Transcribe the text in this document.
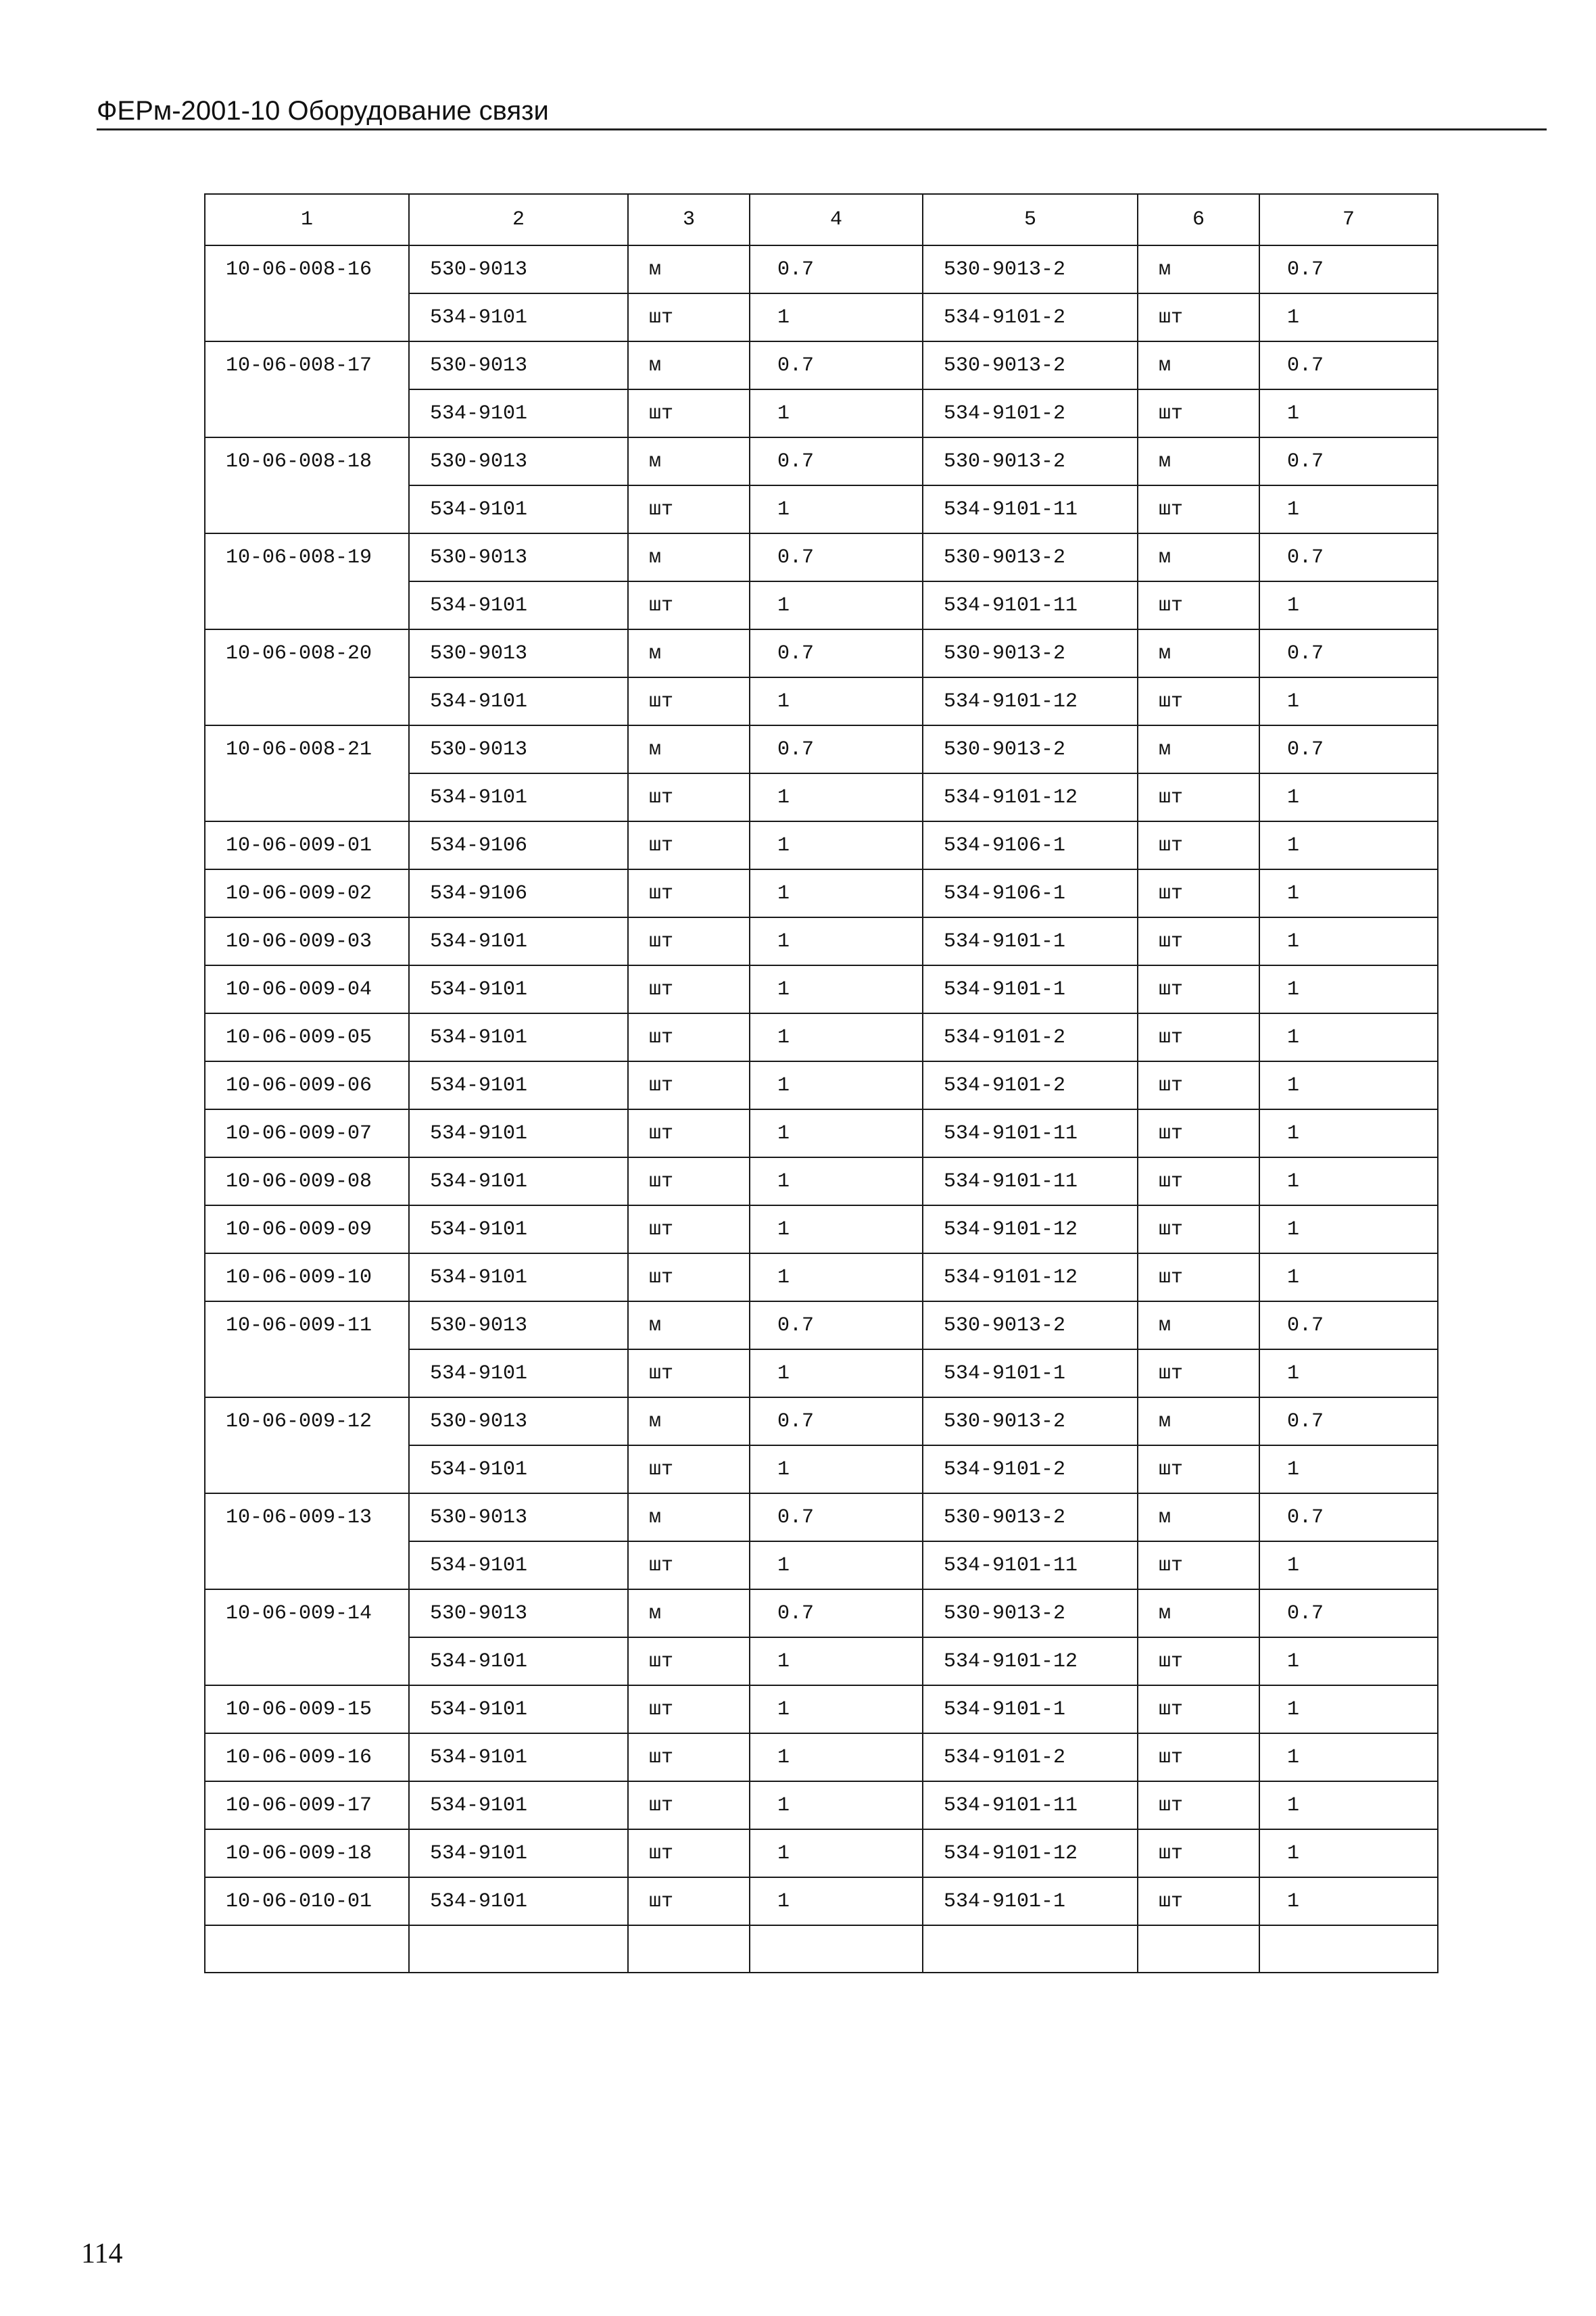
ФЕРм-2001-10 Оборудование связи
1	2	3	4	5	6	7
10-06-008-16	530-9013	м	0.7	530-9013-2	м	0.7
	534-9101	шт	1	534-9101-2	шт	1
10-06-008-17	530-9013	м	0.7	530-9013-2	м	0.7
	534-9101	шт	1	534-9101-2	шт	1
10-06-008-18	530-9013	м	0.7	530-9013-2	м	0.7
	534-9101	шт	1	534-9101-11	шт	1
10-06-008-19	530-9013	м	0.7	530-9013-2	м	0.7
	534-9101	шт	1	534-9101-11	шт	1
10-06-008-20	530-9013	м	0.7	530-9013-2	м	0.7
	534-9101	шт	1	534-9101-12	шт	1
10-06-008-21	530-9013	м	0.7	530-9013-2	м	0.7
	534-9101	шт	1	534-9101-12	шт	1
10-06-009-01	534-9106	шт	1	534-9106-1	шт	1
10-06-009-02	534-9106	шт	1	534-9106-1	шт	1
10-06-009-03	534-9101	шт	1	534-9101-1	шт	1
10-06-009-04	534-9101	шт	1	534-9101-1	шт	1
10-06-009-05	534-9101	шт	1	534-9101-2	шт	1
10-06-009-06	534-9101	шт	1	534-9101-2	шт	1
10-06-009-07	534-9101	шт	1	534-9101-11	шт	1
10-06-009-08	534-9101	шт	1	534-9101-11	шт	1
10-06-009-09	534-9101	шт	1	534-9101-12	шт	1
10-06-009-10	534-9101	шт	1	534-9101-12	шт	1
10-06-009-11	530-9013	м	0.7	530-9013-2	м	0.7
	534-9101	шт	1	534-9101-1	шт	1
10-06-009-12	530-9013	м	0.7	530-9013-2	м	0.7
	534-9101	шт	1	534-9101-2	шт	1
10-06-009-13	530-9013	м	0.7	530-9013-2	м	0.7
	534-9101	шт	1	534-9101-11	шт	1
10-06-009-14	530-9013	м	0.7	530-9013-2	м	0.7
	534-9101	шт	1	534-9101-12	шт	1
10-06-009-15	534-9101	шт	1	534-9101-1	шт	1
10-06-009-16	534-9101	шт	1	534-9101-2	шт	1
10-06-009-17	534-9101	шт	1	534-9101-11	шт	1
10-06-009-18	534-9101	шт	1	534-9101-12	шт	1
10-06-010-01	534-9101	шт	1	534-9101-1	шт	1

114
